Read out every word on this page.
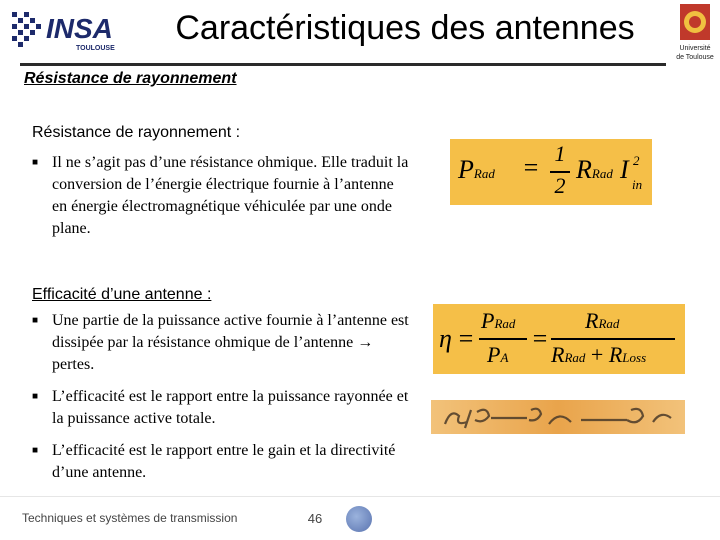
INSA
TOULOUSE
Caractéristiques des antennes
Université
de Toulouse
Résistance de rayonnement
Résistance de rayonnement :
■ Il ne s’agit pas d’une résistance ohmique. Elle traduit la conversion de l’énergie électrique fournie à l’antenne en énergie électromagnétique véhiculée par une onde plane.
PRad = 1
2
RRad I 2
in
Efficacité d’une antenne :
■ Une partie de la puissance active fournie à l’antenne est dissipée par la résistance ohmique de l’antenne → pertes.
■ L’efficacité est le rapport entre la puissance rayonnée et la puissance active totale.
■ L’efficacité est le rapport entre le gain et la directivité d’une antenne.
η =
PRad
PA
=
RRad
RRad + RLoss
Techniques et systèmes de transmission	46
